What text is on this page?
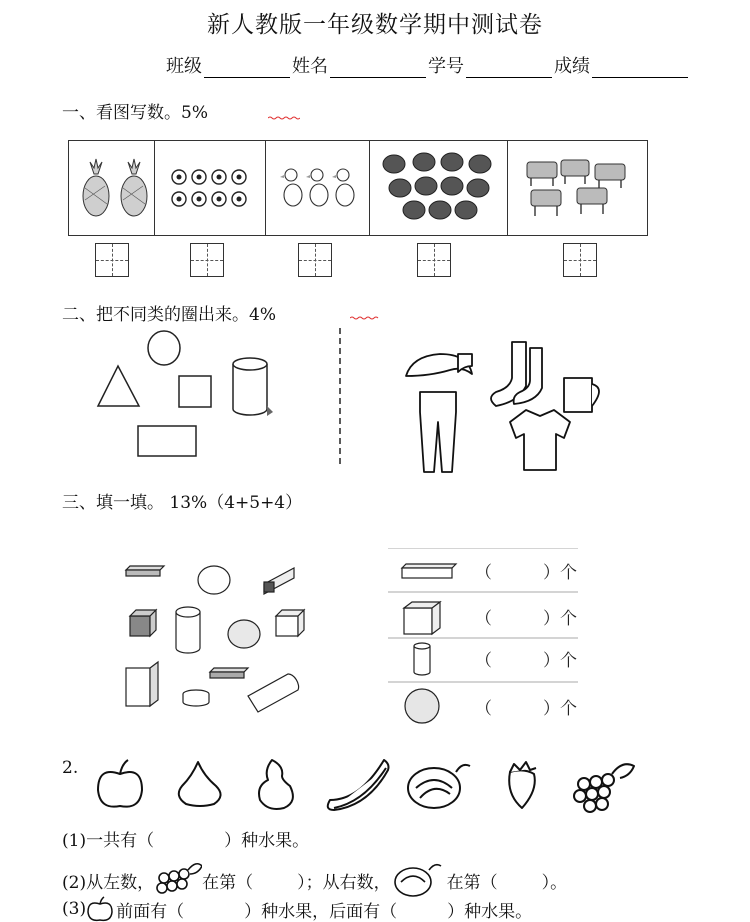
新人教版一年级数学期中测试卷
班级	姓名	学号	成绩
一、看图写数。5%
二、把不同类的圈出来。4%
三、填一填。 13%（4+5+4）
（　　　）个
（　　　）个
（　　　）个
（　　　）个
2.
(1)一共有（	）种水果。
(2)从左数，	在第（	）；从右数，	在第（	）。
(3) 前面有（	）种水果，后面有（	）种水果。
